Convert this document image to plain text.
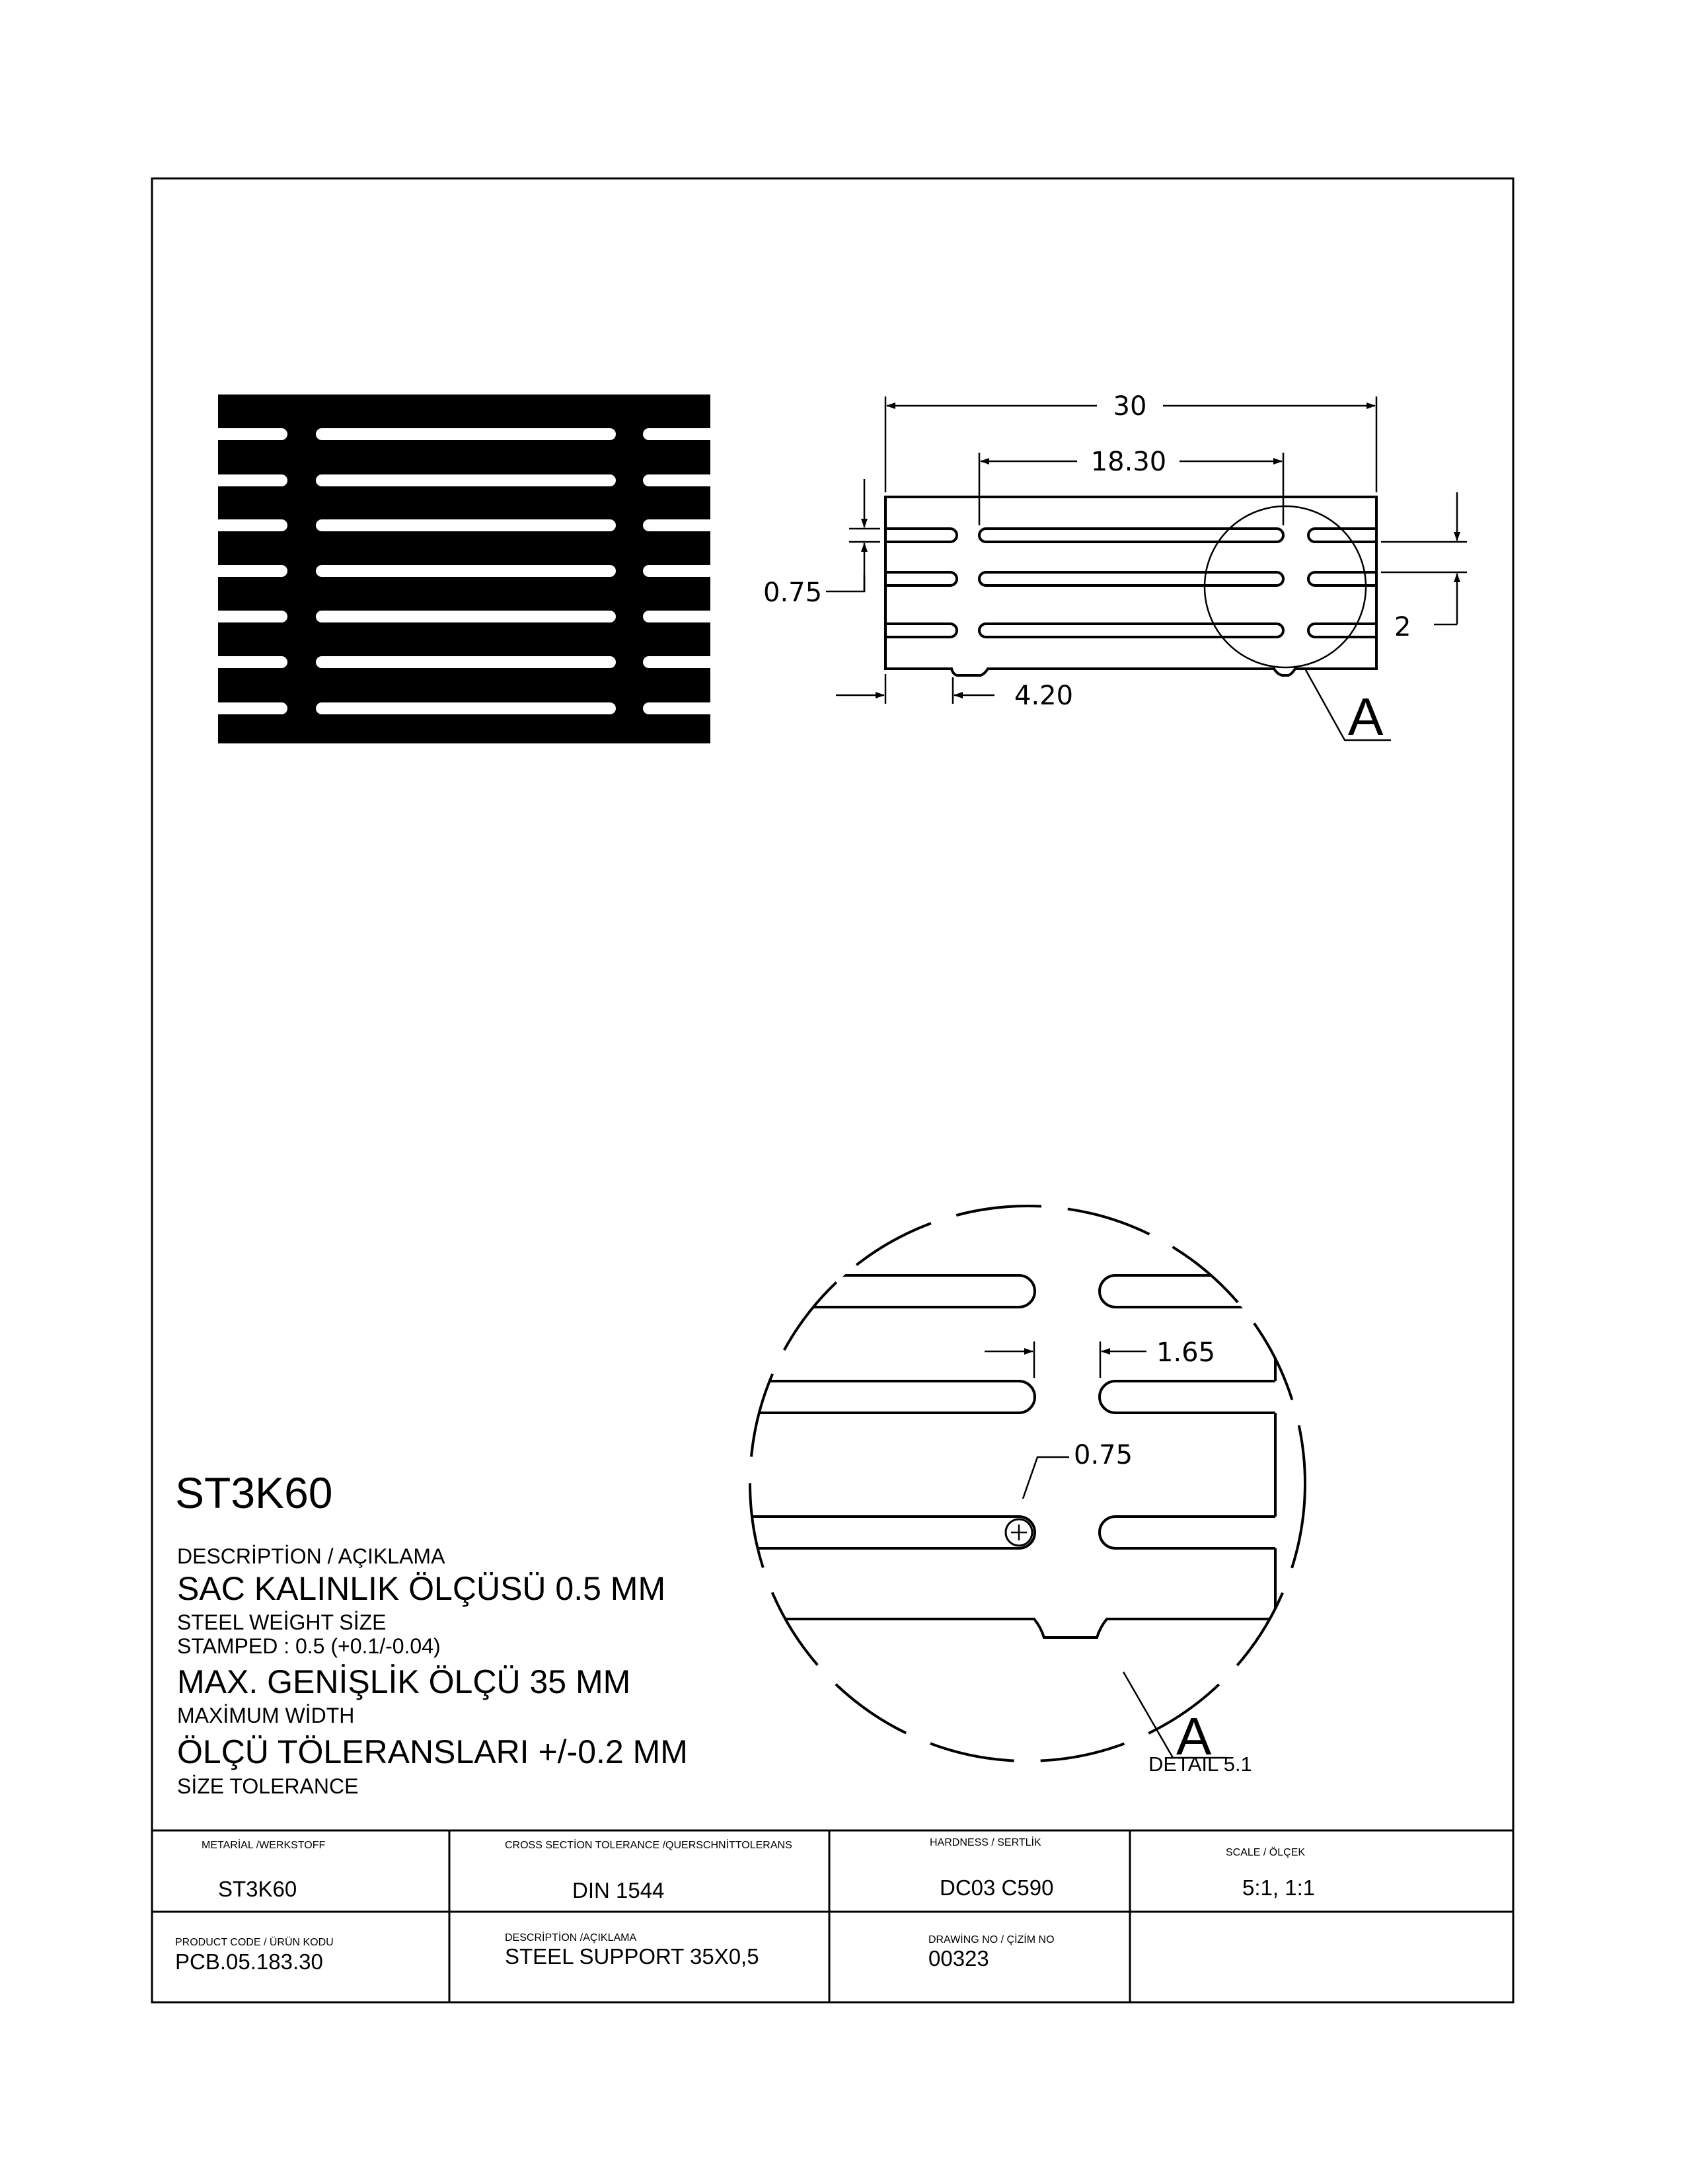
30
18.30
0.75
2
4.20	A
1.65
0.75
A
DETAIL 5.1
ST3K60
DESCRİPTİON / AÇIKLAMA
SAC KALINLIK ÖLÇÜSÜ 0.5 MM
STEEL WEİGHT SİZE
STAMPED : 0.5 (+0.1/-0.04)
MAX. GENİŞLİK ÖLÇÜ 35 MM
MAXİMUM WİDTH
ÖLÇÜ TÖLERANSLARI +/-0.2 MM
SİZE TOLERANCE
METARİAL /WERKSTOFF
ST3K60
CROSS SECTİON TOLERANCE /QUERSCHNİTTOLERANS
DIN 1544
HARDNESS / SERTLİK
DC03 C590
SCALE / ÖLÇEK
5:1, 1:1
PRODUCT CODE / ÜRÜN KODU
PCB.05.183.30
DESCRİPTİON /AÇIKLAMA
STEEL SUPPORT 35X0,5
DRAWİNG NO / ÇİZİM NO
00323
